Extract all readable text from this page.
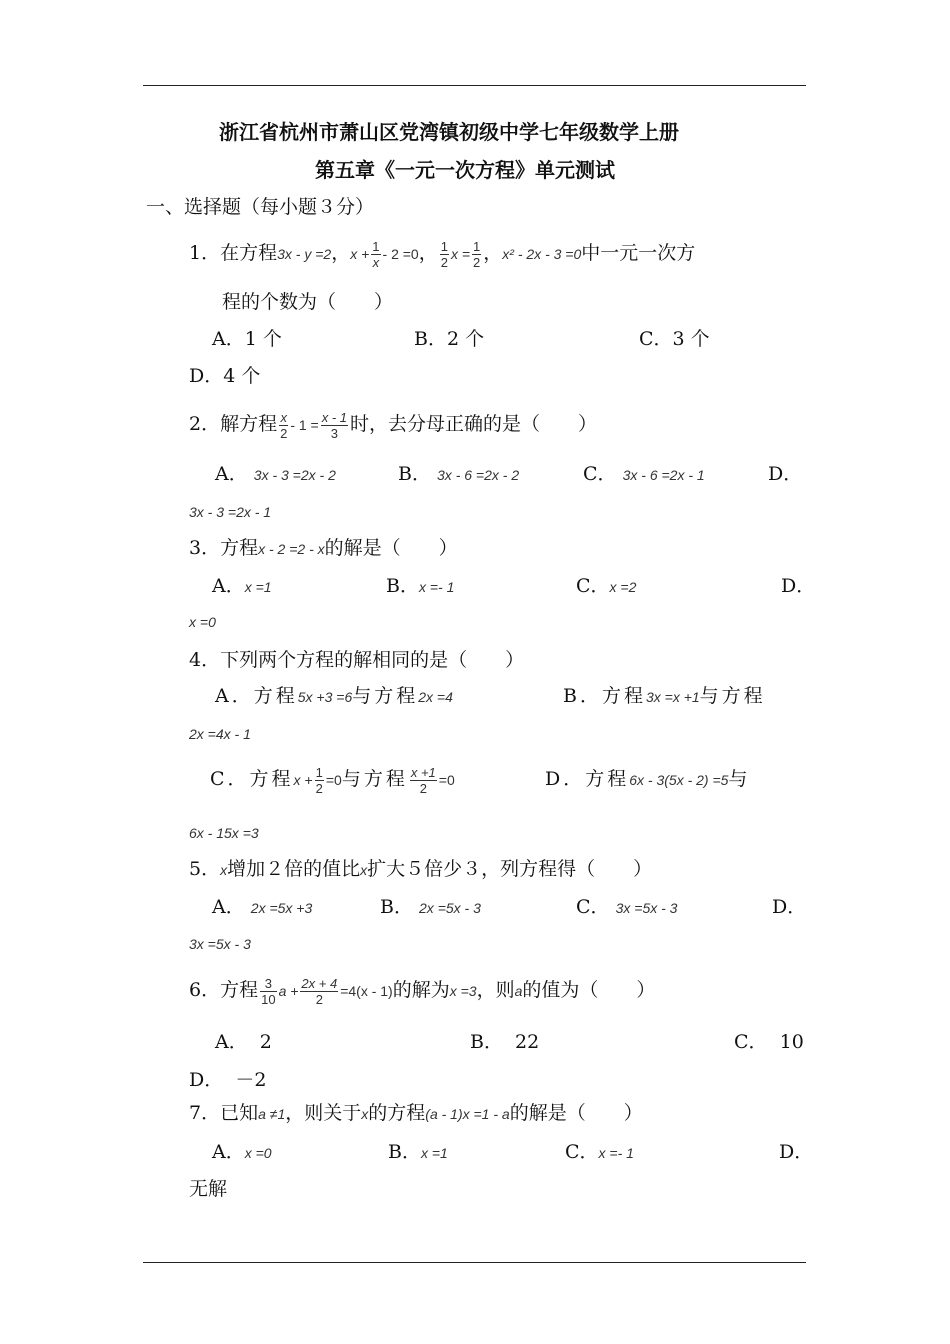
浙江省杭州市萧山区党湾镇初级中学七年级数学上册
第五章《一元一次方程》单元测试
一、选择题（每小题３分）
1．在方程3x - y =2，$x + \frac{1}{x} - 2 =0$， $\frac{1}{2}$ $x = \frac{1}{2}$ ，x² - 2x - 3 =0中一元一次方
程的个数为（　　）
A．1 个	B．2 个	C．3 个
D．4 个
2．解方程 $\frac{x}{2} - 1 = \frac{x - 1}{3}$ 时，去分母正确的是（　　）
A． 3x - 3 =2x - 2	B． 3x - 6 =2x - 2	C． 3x - 6 =2x - 1	D．
3x - 3 =2x - 1
3．方程x - 2 =2 - x的解是（　　）
A．x =1	B．x =- 1	C．x =2	D．
x =0
4．下列两个方程的解相同的是（　　）
A．方程5x +3 =6与方程2x =4	B．方程3x =x +1与方程
2x =4x - 1
C．方程$x + \frac{1}{2} =0$与方程 $\frac{x +1}{2} =0$	D．方程6x - 3(5x - 2) =5与
6x - 15x =3
5．x增加２倍的值比x扩大５倍少３，列方程得（　　）
A． 2x =5x +3	B． 2x =5x - 3	C． 3x =5x - 3	D．
3x =5x - 3
6．方程 $\frac{3}{10}$ $a + \frac{2x + 4}{2} =4(x - 1)$的解为x =3，则a的值为（　　）
A．  2	B．  22	C．  10
D．  －2
7．已知a ≠1，则关于x的方程(a - 1)x =1 - a的解是（　　）
A．x =0	B．x =1	C．x =- 1	D．
无解
